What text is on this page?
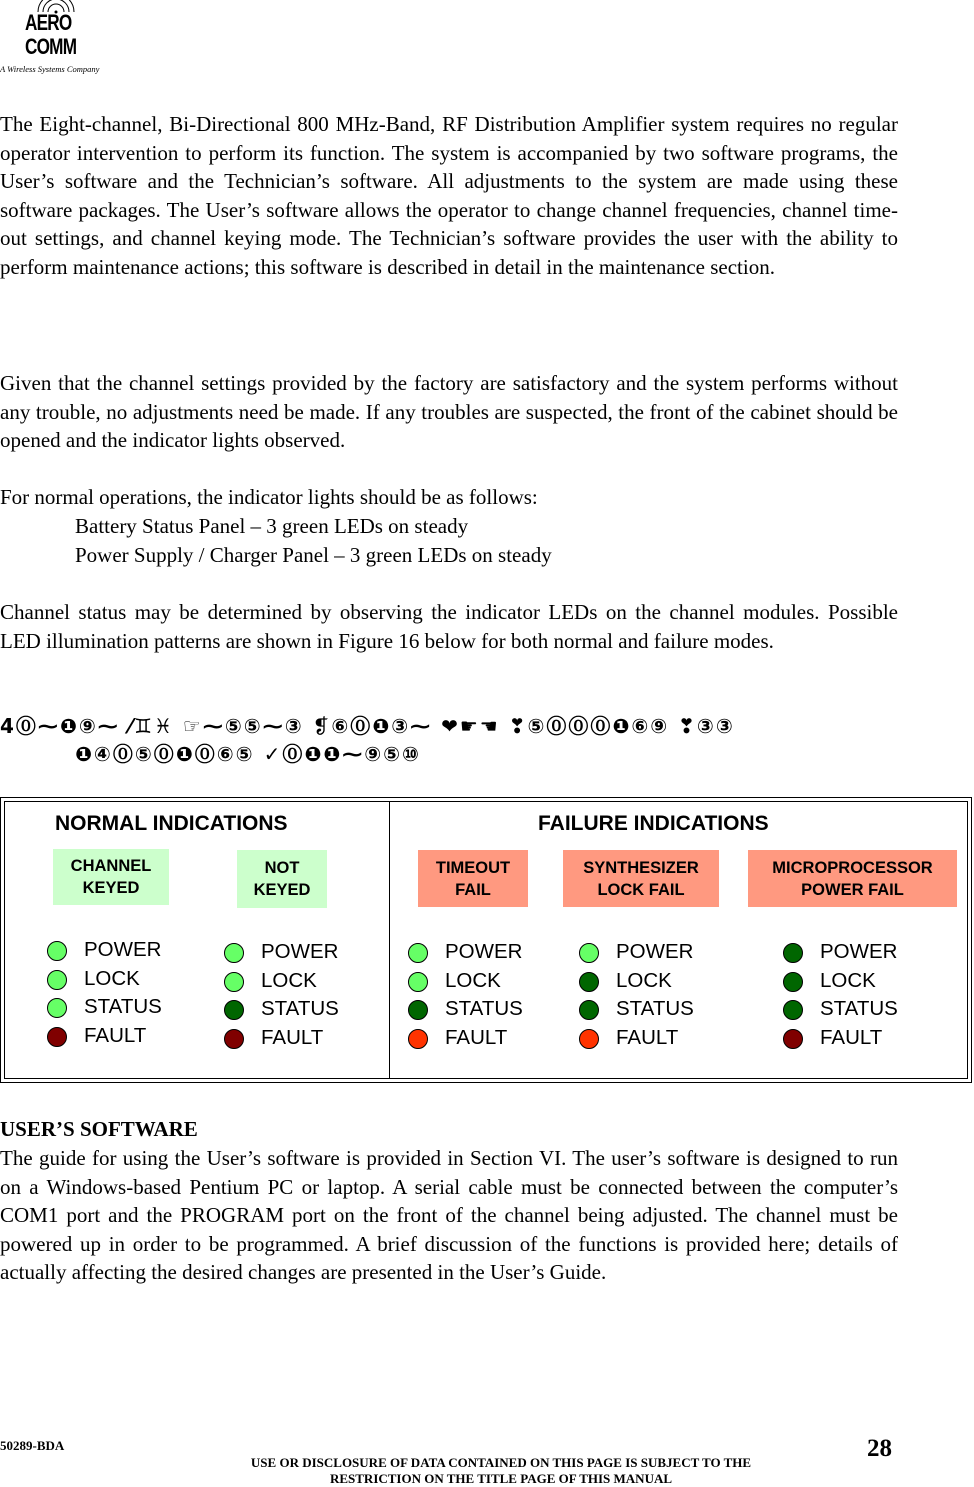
AERO
COMM
A Wireless Systems Company

The Eight-channel, Bi-Directional 800 MHz-Band, RF Distribution Amplifier system requires no regular operator intervention to perform its function. The system is accompanied by two software programs, the User’s software and the Technician’s software. All adjustments to the system are made using these software packages. The User’s software allows the operator to change channel frequencies, channel time-out settings, and channel keying mode. The Technician’s software provides the user with the ability to perform maintenance actions; this software is described in detail in the maintenance section.

Given that the channel settings provided by the factory are satisfactory and the system performs without any trouble, no adjustments need be made. If any troubles are suspected, the front of the cabinet should be opened and the indicator lights observed.

For normal operations, the indicator lights should be as follows:
Battery Status Panel – 3 green LEDs on steady
Power Supply / Charger Panel – 3 green LEDs on steady

Channel status may be determined by observing the indicator LEDs on the channel modules. Possible LED illumination patterns are shown in Figure 16 below for both normal and failure modes.

4⓪⁓❶⑨⁓ ⁄♊♓ ☞⁓⑤⑤⁓③ ❡⑥⓪❶③⁓ ❤☛☚ ❣⑤⓪⓪⓪❶⑥⑨ ❣③③
❶④⓪⑤⓪❶⓪⑥⑤ ✓⓪❶❶⁓⑨⑤⑩
NORMAL INDICATIONS	FAILURE INDICATIONS
CHANNEL
KEYED
NOT
KEYED
TIMEOUT
FAIL
SYNTHESIZER
LOCK FAIL
MICROPROCESSOR
POWER FAIL
POWER
LOCK
STATUS
FAULT
POWER
LOCK
STATUS
FAULT
POWER
LOCK
STATUS
FAULT
POWER
LOCK
STATUS
FAULT
POWER
LOCK
STATUS
FAULT
USER’S SOFTWARE

The guide for using the User’s software is provided in Section VI. The user’s software is designed to run on a Windows-based Pentium PC or laptop. A serial cable must be connected between the computer’s COM1 port and the PROGRAM port on the front of the channel being adjusted. The channel must be powered up in order to be programmed. A brief discussion of the functions is provided here; details of actually affecting the desired changes are presented in the User’s Guide.

50289-BDA
USE OR DISCLOSURE OF DATA CONTAINED ON THIS PAGE IS SUBJECT TO THE
RESTRICTION ON THE TITLE PAGE OF THIS MANUAL
28
